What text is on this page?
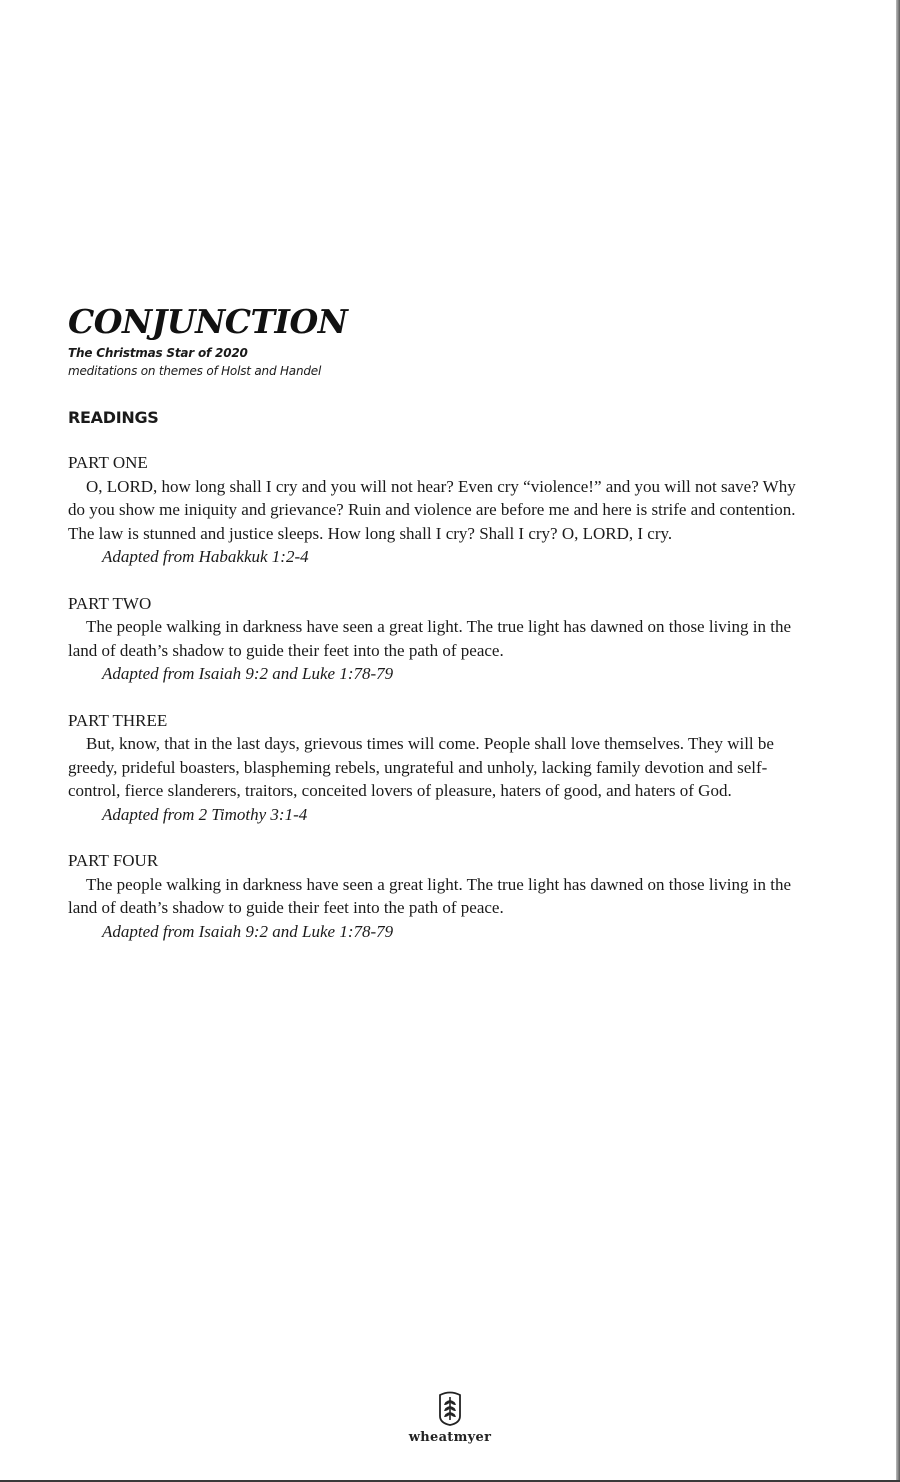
CONJUNCTION

The Christmas Star of 2020

meditations on themes of Holst and Handel

READINGS

PART ONE

O, LORD, how long shall I cry and you will not hear? Even cry “violence!” and you will not save? Why do you show me iniquity and grievance? Ruin and violence are before me and here is strife and contention. The law is stunned and justice sleeps. How long shall I cry? Shall I cry? O, LORD, I cry.

Adapted from Habakkuk 1:2-4

PART TWO

The people walking in darkness have seen a great light. The true light has dawned on those living in the land of death’s shadow to guide their feet into the path of peace.

Adapted from Isaiah 9:2 and Luke 1:78-79

PART THREE

But, know, that in the last days, grievous times will come. People shall love themselves. They will be greedy, prideful boasters, blaspheming rebels, ungrateful and unholy, lacking family devotion and self-control, fierce slanderers, traitors, conceited lovers of pleasure, haters of good, and haters of God.

Adapted from 2 Timothy 3:1-4

PART FOUR

The people walking in darkness have seen a great light. The true light has dawned on those living in the land of death’s shadow to guide their feet into the path of peace.

Adapted from Isaiah 9:2 and Luke 1:78-79

wheatmyer
